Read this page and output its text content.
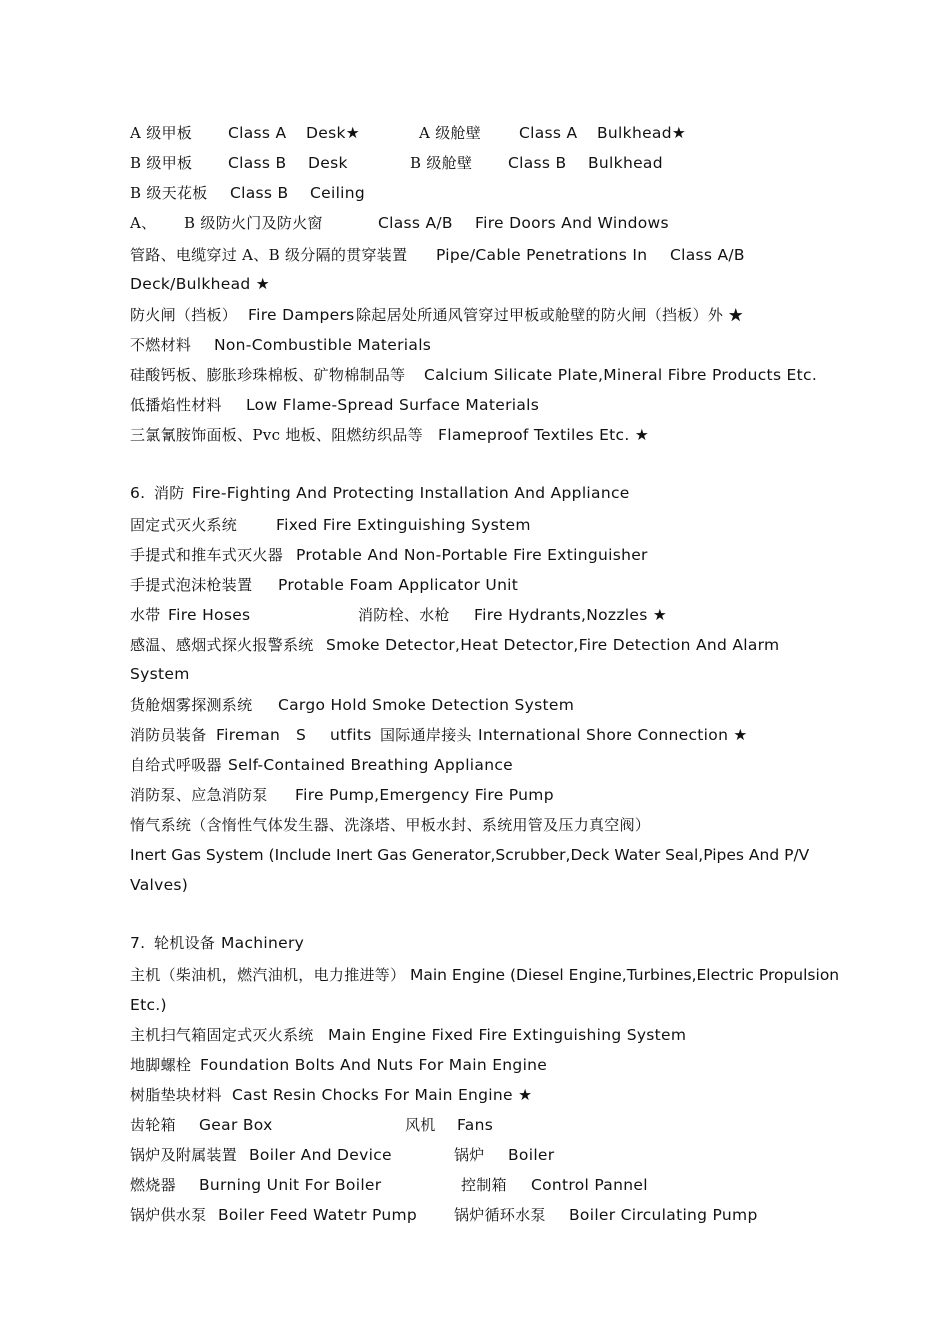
A 级甲板 Class A Desk★	A 级舱壁 Class A Bulkhead★
B 级甲板 Class B Desk	B 级舱壁 Class B Bulkhead
B 级天花板 Class B Ceiling
A、 B 级防火门及防火窗	Class A/B Fire Doors And Windows
管路、电缆穿过 A、B 级分隔的贯穿装置 Pipe/Cable Penetrations In Class A/B
Deck/Bulkhead ★
防火闸（挡板） Fire Dampers除起居处所通风管穿过甲板或舱壁的防火闸（挡板）外 ★
不燃材料 Non-Combustible Materials
硅酸钙板、膨胀珍珠棉板、矿物棉制品等 Calcium Silicate Plate,Mineral Fibre Products Etc.
低播焰性材料 Low Flame-Spread Surface Materials
三氯氰胺饰面板、Pvc 地板、阻燃纺织品等 Flameproof Textiles Etc. ★
6. 消防 Fire-Fighting And Protecting Installation And Appliance
固定式灭火系统	Fixed Fire Extinguishing System
手提式和推车式灭火器 Protable And Non-Portable Fire Extinguisher
手提式泡沫枪装置 Protable Foam Applicator Unit
水带 Fire Hoses	消防栓、水枪 Fire Hydrants,Nozzles ★
感温、感烟式探火报警系统 Smoke Detector,Heat Detector,Fire Detection And Alarm
System
货舱烟雾探测系统 Cargo Hold Smoke Detection System
消防员装备 Fireman S utfits 国际通岸接头 International Shore Connection ★
自给式呼吸器 Self-Contained Breathing Appliance
消防泵、应急消防泵 Fire Pump,Emergency Fire Pump
惰气系统（含惰性气体发生器、洗涤塔、甲板水封、系统用管及压力真空阀）
Inert Gas System (Include Inert Gas Generator,Scrubber,Deck Water Seal,Pipes And P/V
Valves)
7. 轮机设备 Machinery
主机（柴油机，燃汽油机，电力推进等） Main Engine (Diesel Engine,Turbines,Electric Propulsion
Etc.)
主机扫气箱固定式灭火系统 Main Engine Fixed Fire Extinguishing System
地脚螺栓 Foundation Bolts And Nuts For Main Engine
树脂垫块材料 Cast Resin Chocks For Main Engine ★
齿轮箱 Gear Box	风机 Fans
锅炉及附属装置 Boiler And Device	锅炉 Boiler
燃烧器 Burning Unit For Boiler	控制箱 Control Pannel
锅炉供水泵 Boiler Feed Watetr Pump 锅炉循环水泵 Boiler Circulating Pump
